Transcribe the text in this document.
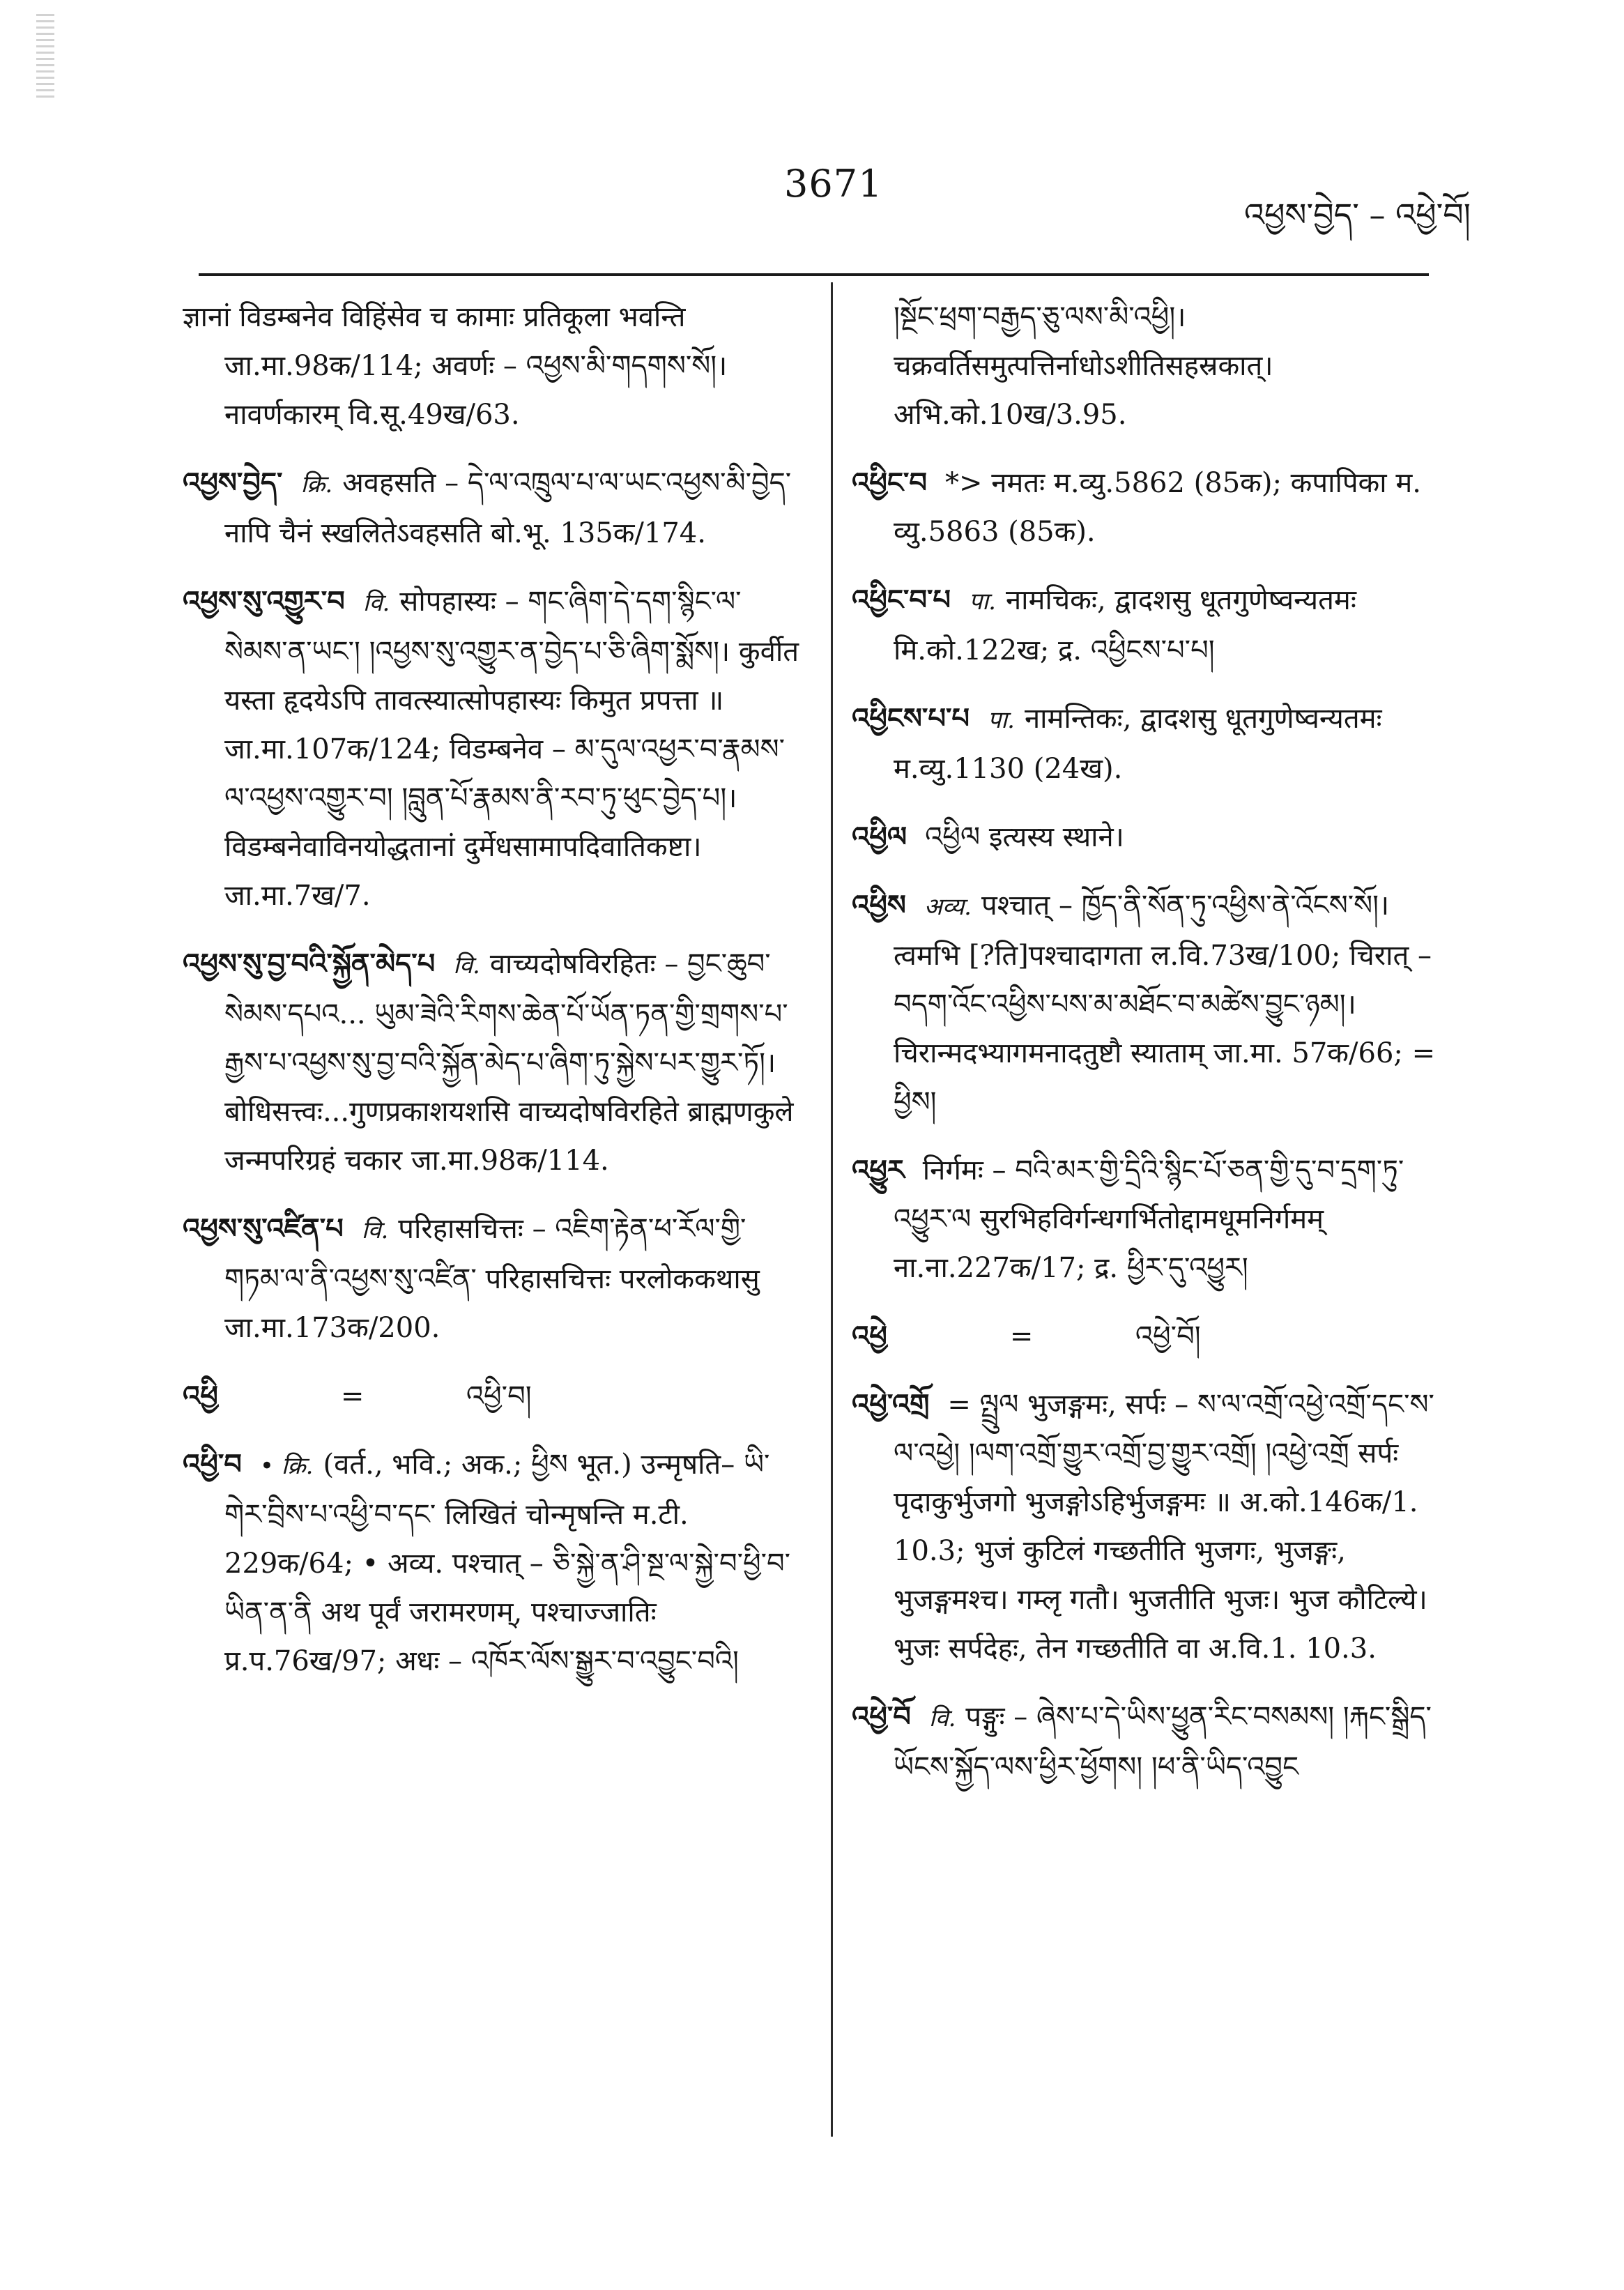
3671
འཕྱས་བྱེད་ – འཕྱེ་བོ།

ज्ञानां विडम्बनेव विहिंसेव च कामाः प्रतिकूला भवन्ति जा.मा.98क/114; अवर्णः – འཕྱས་མི་གདགས་སོ།। नावर्णकारम् वि.सू.49ख/63.

འཕྱས་བྱེད་ क्रि. अवहसति – དེ་ལ་འཁྲུལ་པ་ལ་ཡང་འཕྱས་མི་བྱེད་ नापि चैनं स्खलितेऽवहसति बो.भू. 135क/174.

འཕྱས་སུ་འགྱུར་བ वि. सोपहास्यः – གང་ཞིག་དེ་དག་སྙིང་ལ་སེམས་ན་ཡང་། །འཕྱས་སུ་འགྱུར་ན་བྱེད་པ་ཅི་ཞིག་སྨོས།। कुर्वीत यस्ता हृदयेऽपि तावत्स्यात्सोपहास्यः किमुत प्रपत्ता ॥ जा.मा.107क/124; विडम्बनेव – མ་དུལ་འཕྱར་བ་རྣམས་ལ་འཕྱས་འགྱུར་བ། །བླུན་པོ་རྣམས་ནི་རབ་ཏུ་ཕུང་བྱེད་པ།। विडम्बनेवाविनयोद्धतानां दुर्मेधसामापदिवातिकष्टा। जा.मा.7ख/7.

འཕྱས་སུ་བྱ་བའི་སྐྱོན་མེད་པ वि. वाच्यदोषविरहितः – བྱང་ཆུབ་སེམས་དཔའ... ཡུམ་ཟེའི་རིགས་ཆེན་པོ་ཡོན་ཏན་གྱི་གྲགས་པ་རྒྱས་པ་འཕྱས་སུ་བྱ་བའི་སྐྱོན་མེད་པ་ཞིག་ཏུ་སྐྱེས་པར་གྱུར་ཏོ།। बोधिसत्त्वः...गुणप्रकाशयशसि वाच्यदोषविरहिते ब्राह्मणकुले जन्मपरिग्रहं चकार जा.मा.98क/114.

འཕྱས་སུ་འཛིན་པ वि. परिहासचित्तः – འཇིག་རྟེན་ཕ་རོལ་གྱི་གཏམ་ལ་ནི་འཕྱས་སུ་འཛིན་ परिहासचित्तः परलोककथासु जा.मा.173क/200.

འཕྱི	=	འཕྱི་བ།

འཕྱི་བ • क्रि. (वर्त., भवि.; अक.; ཕྱིས भूत.) उन्मृषति– ཡི་གེར་བྲིས་པ་འཕྱི་བ་དང་ लिखितं चोन्मृषन्ति म.टी. 229क/64; • अव्य. पश्चात् – ཅི་སྐྱེ་ན་ཤི་སྔ་ལ་སྐྱེ་བ་ཕྱི་བ་ཡིན་ན་ནི अथ पूर्वं जरामरणम्, पश्चाज्जातिः प्र.प.76ख/97; अधः – འཁོར་ལོས་སྒྱུར་བ་འབྱུང་བའི།

།སྔོང་ཕྲག་བརྒྱད་ཅུ་ལས་མི་འཕྱི།। चक्रवर्तिसमुत्पत्तिर्नाधोऽशीतिसहस्रकात्। अभि.को.10ख/3.95.

འཕྱིང་བ *> नमतः म.व्यु.5862 (85क); कपापिका म. व्यु.5863 (85क).

འཕྱིང་བ་པ पा. नामचिकः, द्वादशसु धूतगुणेष्वन्यतमः मि.को.122ख; द्र. འཕྱིངས་པ་པ།

འཕྱིངས་པ་པ पा. नामन्तिकः, द्वादशसु धूतगुणेष्वन्यतमः म.व्यु.1130 (24ख).

འཕྱིལ འཕྱིལ इत्यस्य स्थाने।

འཕྱིས अव्य. पश्चात् – ཁྱོད་ནི་སོན་ཏུ་འཕྱིས་ནེ་འོངས་སོ།। त्वमभि [?ति]पश्चादागता ल.वि.73ख/100; चिरात् – བདག་འོང་འཕྱིས་པས་མ་མཐོང་བ་མཚེས་བྱུང་ཉམ།। चिरान्मदभ्यागमनादतुष्टौ स्याताम् जा.मा. 57क/66; = ཕྱིས།

འཕྱུར निर्गमः – བའི་མར་གྱི་དྲིའི་སྙིང་པོ་ཅན་གྱི་དུ་བ་དྲག་ཏུ་འཕྱུར་ལ सुरभिहविर्गन्धगर्भितोद्दामधूमनिर्गमम् ना.ना.227क/17; द्र. ཕྱིར་དུ་འཕྱུར།

འཕྱེ	=	འཕྱེ་བོ།

འཕྱེ་འགྲོ = ལྤྲུལ भुजङ्गमः, सर्पः – ས་ལ་འགྲོ་འཕྱེ་འགྲོ་དང་ས་ལ་འཕྱེ། །ལག་འགྲོ་གྱུར་འགྲོ་བྱ་གྱུར་འགྲོ། །འཕྱེ་འགྲོ सर्पः पृदाकुर्भुजगो भुजङ्गोऽहिर्भुजङ्गमः ॥ अ.को.146क/1. 10.3; भुजं कुटिलं गच्छतीति भुजगः, भुजङ्गः, भुजङ्गमश्च। गम्लृ गतौ। भुजतीति भुजः। भुज कौटिल्ये। भुजः सर्पदेहः, तेन गच्छतीति वा अ.वि.1. 10.3.

འཕྱེ་བོ वि. पङ्गुः – ཞེས་པ་དེ་ཡིས་ཕྱུན་རིང་བསམས། །རྐང་སྒྲིད་ཡོངས་སྐྱོད་ལས་ཕྱིར་ཕྱོགས། །ཕ་ནི་ཡིད་འབྱུང
